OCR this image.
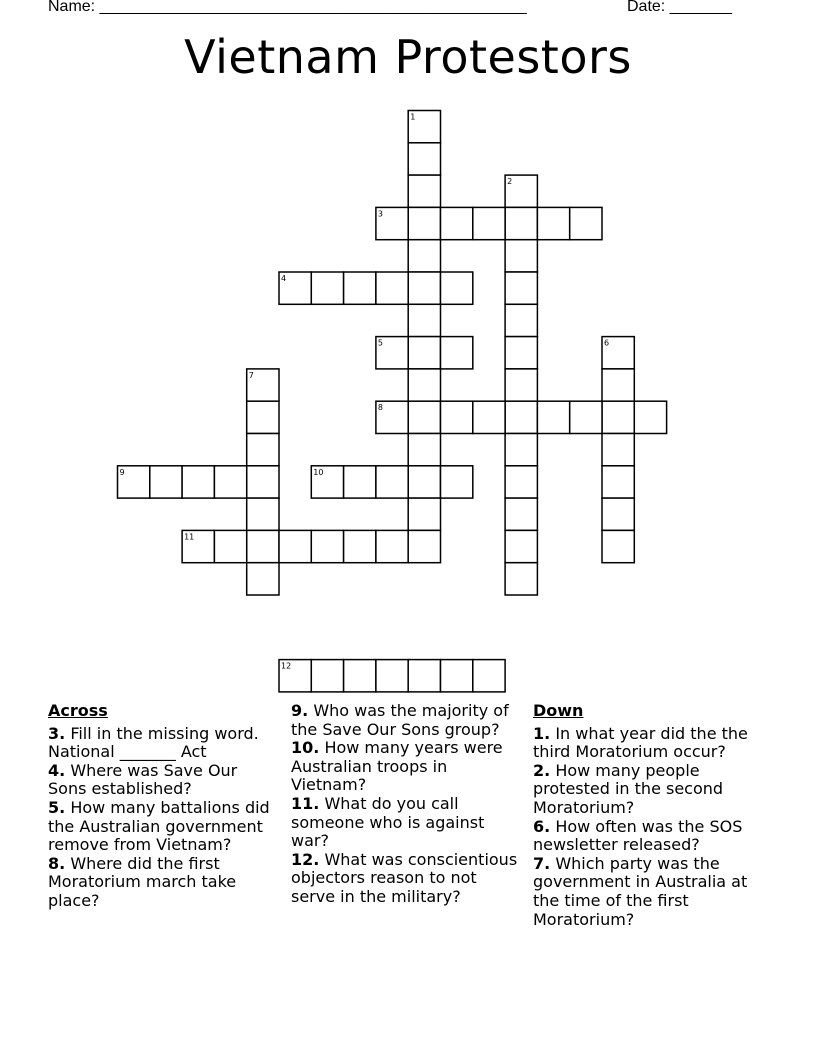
Name: ________________________________________________	Date: _______
Vietnam Protestors
1
2
3
4
5	6
7
8
9	10
11
12
Across

3. Fill in the missing word. National _______ Act

4. Where was Save Our Sons established?

5. How many battalions did the Australian government remove from Vietnam?

8. Where did the first Moratorium march take place?

9. Who was the majority of the Save Our Sons group?

10. How many years were Australian troops in Vietnam?

11. What do you call someone who is against war?

12. What was conscientious objectors reason to not serve in the military?

Down

1. In what year did the the third Moratorium occur?

2. How many people protested in the second Moratorium?

6. How often was the SOS newsletter released?

7. Which party was the government in Australia at the time of the first Moratorium?
